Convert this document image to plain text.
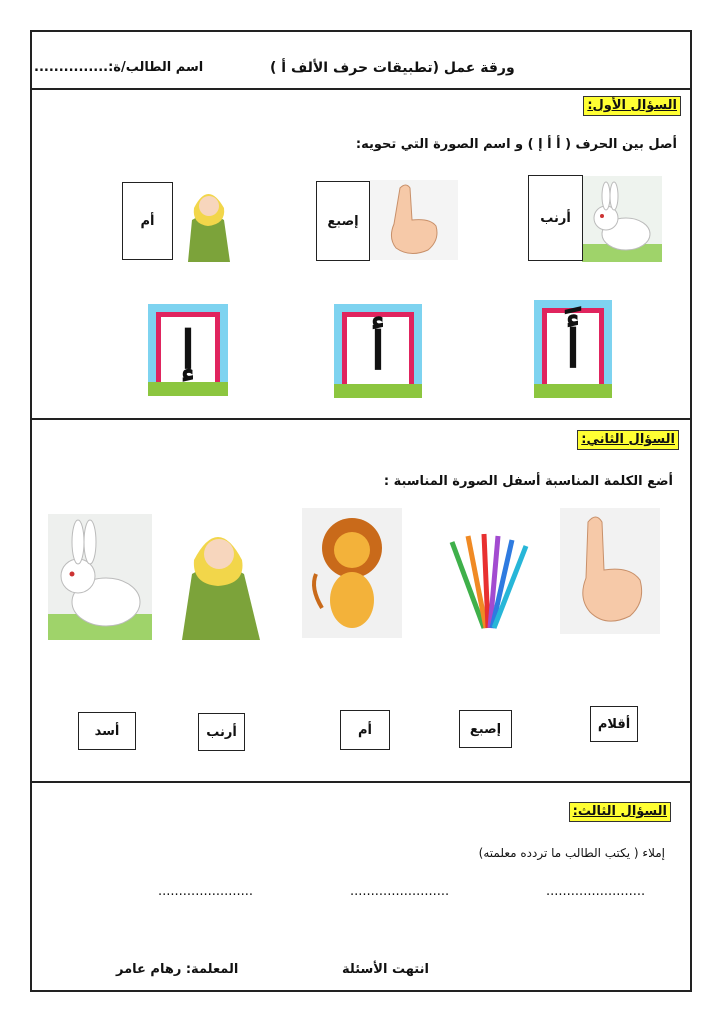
ورقة عمل (تطبيقات حرف الألف أ )
اسم الطالب/ة:...............
السؤال الأول:
أصل بين الحرف ( أ أ إ ) و اسم الصورة التي تحويه:
أرنب
إصبع
أم
أَ
أ
إ
السؤال الثاني:
أضع الكلمة المناسبة أسفل الصورة المناسبة :
أقلام
إصبع
أم
أرنب
أسد
السؤال الثالث:
إملاء ( يكتب الطالب ما تردده معلمته)
........................
........................
.......................
انتهت الأسئلة
المعلمة: رهام عامر
